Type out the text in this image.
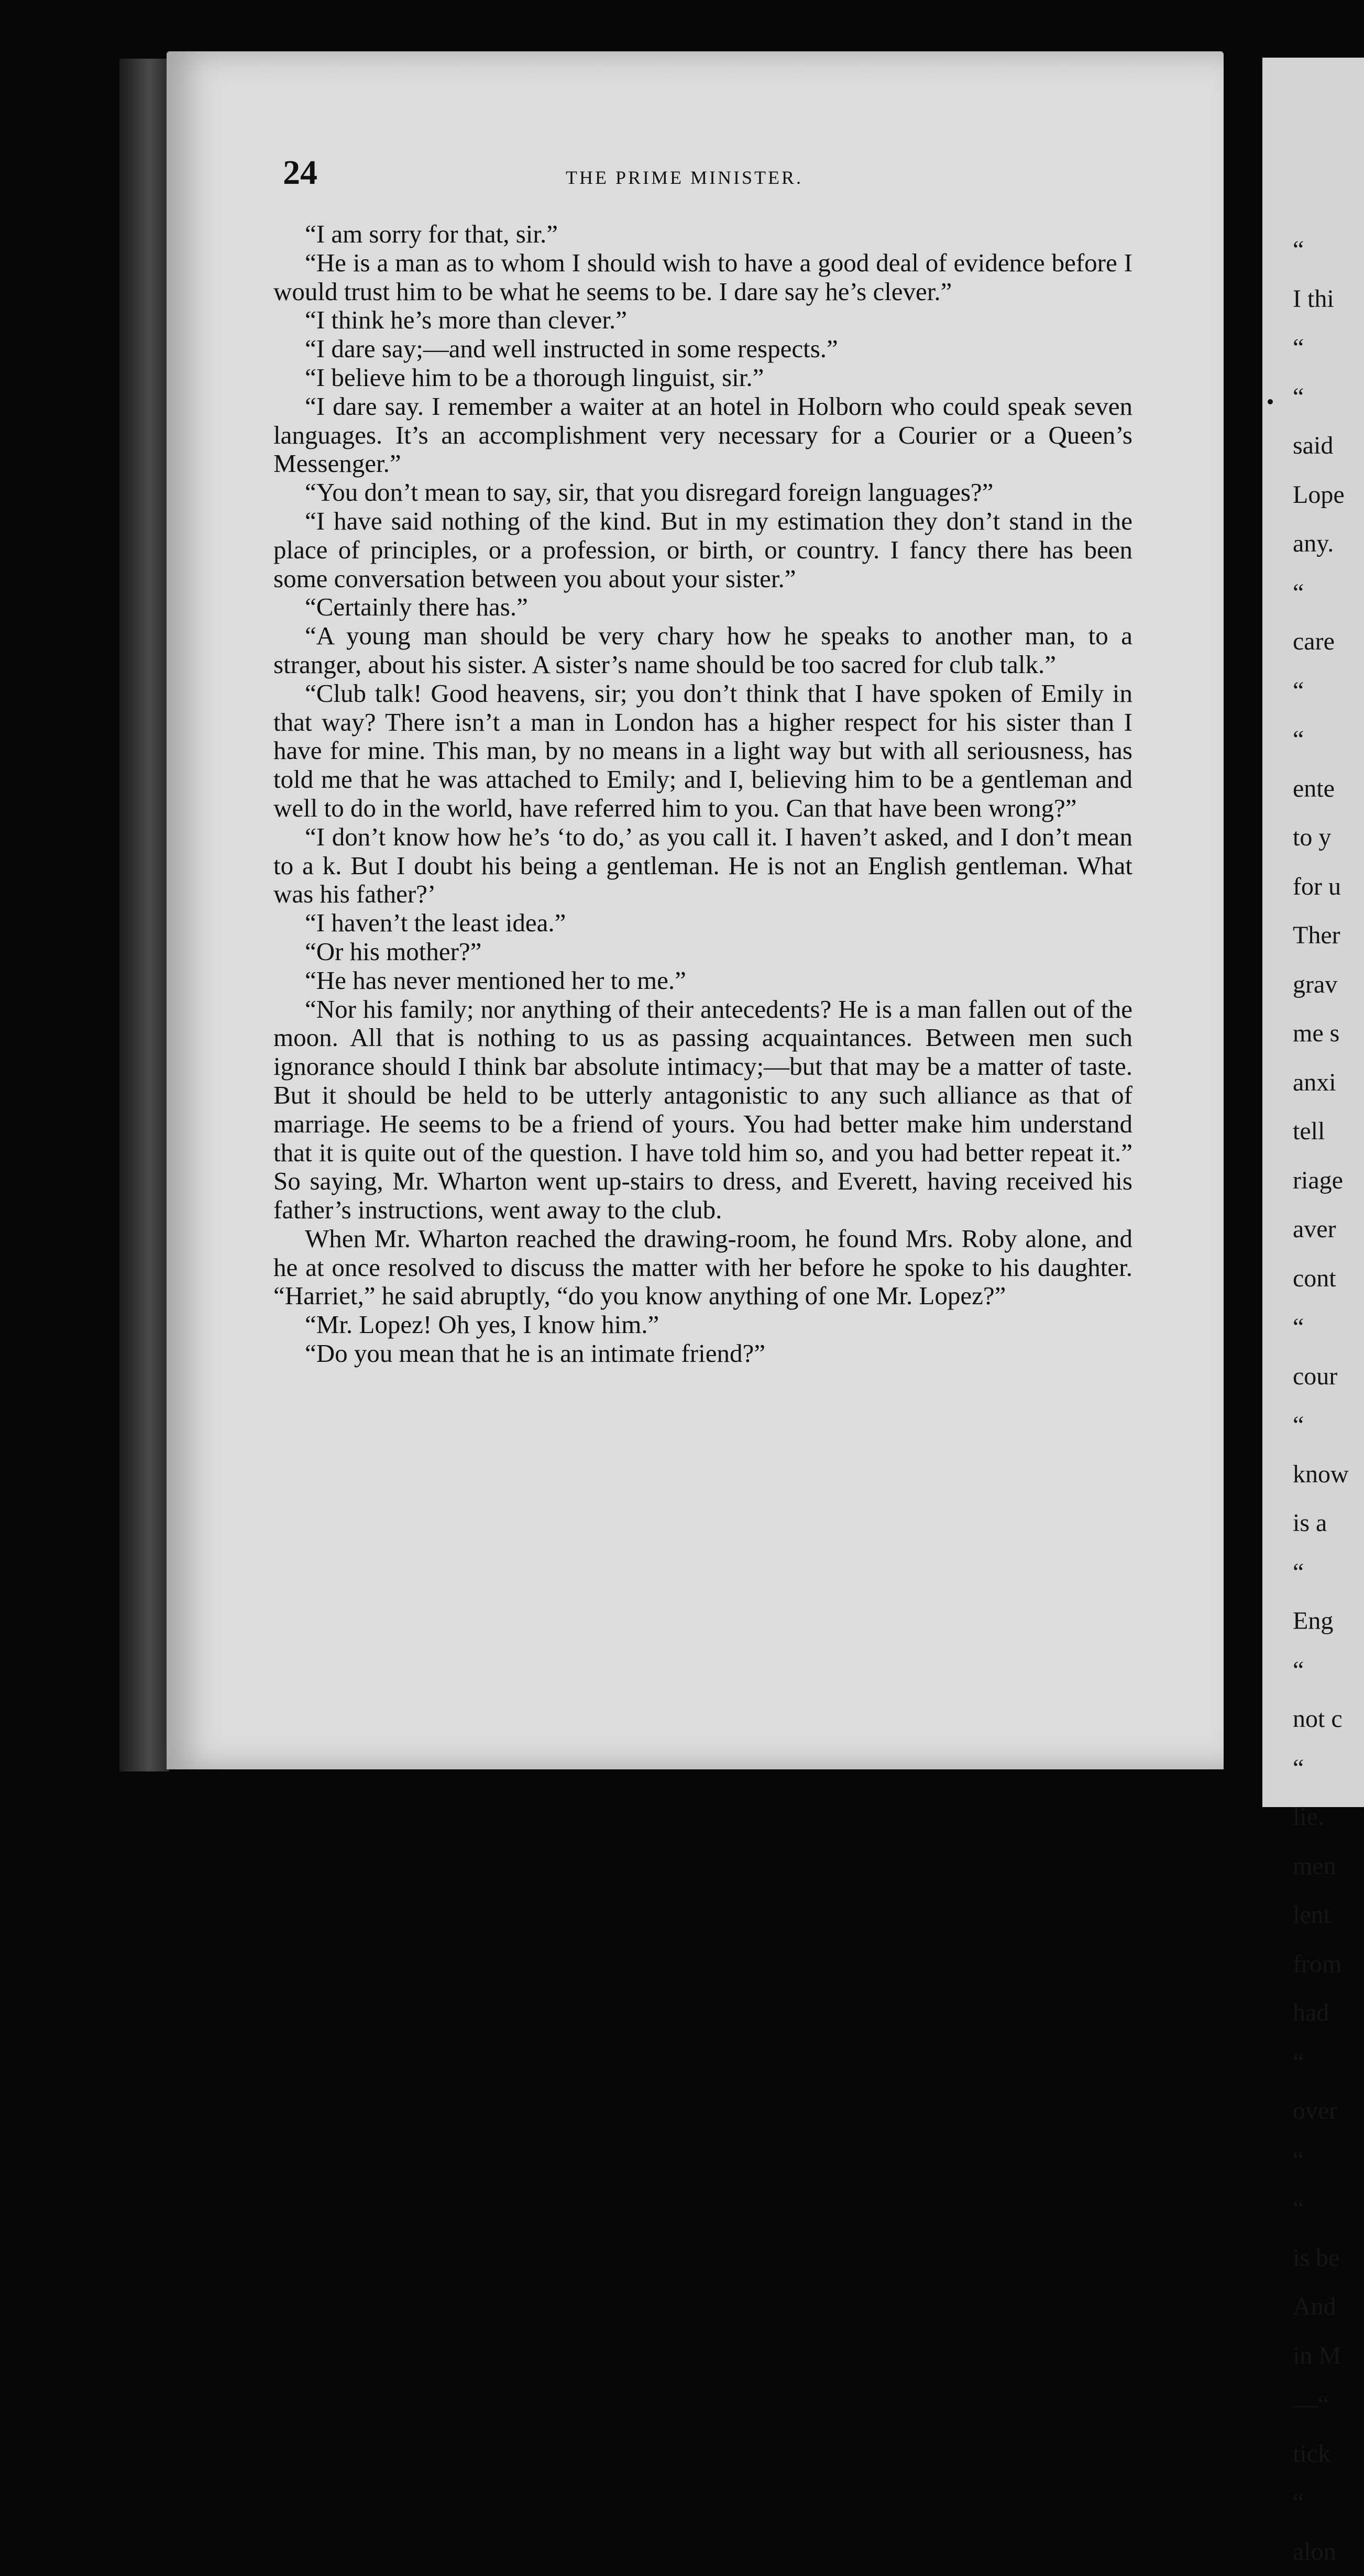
24	THE PRIME MINISTER.
“I am sorry for that, sir.”
“He is a man as to whom I should wish to have a good deal of evidence before I would trust him to be what he seems to be. I dare say he’s clever.”
“I think he’s more than clever.”
“I dare say;—and well instructed in some respects.”
“I believe him to be a thorough linguist, sir.”
“I dare say. I remember a waiter at an hotel in Holborn who could speak seven languages. It’s an accomplishment very necessary for a Courier or a Queen’s Messenger.”
“You don’t mean to say, sir, that you disregard foreign languages?”
“I have said nothing of the kind. But in my estimation they don’t stand in the place of principles, or a profession, or birth, or country. I fancy there has been some conversation between you about your sister.”
“Certainly there has.”
“A young man should be very chary how he speaks to another man, to a stranger, about his sister. A sister’s name should be too sacred for club talk.”
“Club talk! Good heavens, sir; you don’t think that I have spoken of Emily in that way? There isn’t a man in London has a higher respect for his sister than I have for mine. This man, by no means in a light way but with all seriousness, has told me that he was attached to Emily; and I, believing him to be a gentleman and well to do in the world, have referred him to you. Can that have been wrong?”
“I don’t know how he’s ‘to do,’ as you call it. I haven’t asked, and I don’t mean to a k. But I doubt his being a gentleman. He is not an English gentleman. What was his father?’
“I haven’t the least idea.”
“Or his mother?”
“He has never mentioned her to me.”
“Nor his family; nor anything of their antecedents? He is a man fallen out of the moon. All that is nothing to us as passing acquaintances. Between men such ignorance should I think bar absolute intimacy;—but that may be a matter of taste. But it should be held to be utterly antagonistic to any such alliance as that of marriage. He seems to be a friend of yours. You had better make him understand that it is quite out of the question. I have told him so, and you had better repeat it.” So saying, Mr. Wharton went up-stairs to dress, and Everett, having received his father’s instructions, went away to the club.
When Mr. Wharton reached the drawing-room, he found Mrs. Roby alone, and he at once resolved to discuss the matter with her before he spoke to his daughter. “Harriet,” he said abruptly, “do you know anything of one Mr. Lopez?”
“Mr. Lopez! Oh yes, I know him.”
“Do you mean that he is an intimate friend?”
“
I thi
“
“
said
Lope
any.
“
care
“
“
ente
to y
for u
Ther
grav
me s
anxi
tell
riage
aver
cont
“
cour
“
know
is a
“
Eng
“
not c
“
lie.
men
lent
from
had
“
over
“
“
is be
And
in M
—“
tick
“
alon
